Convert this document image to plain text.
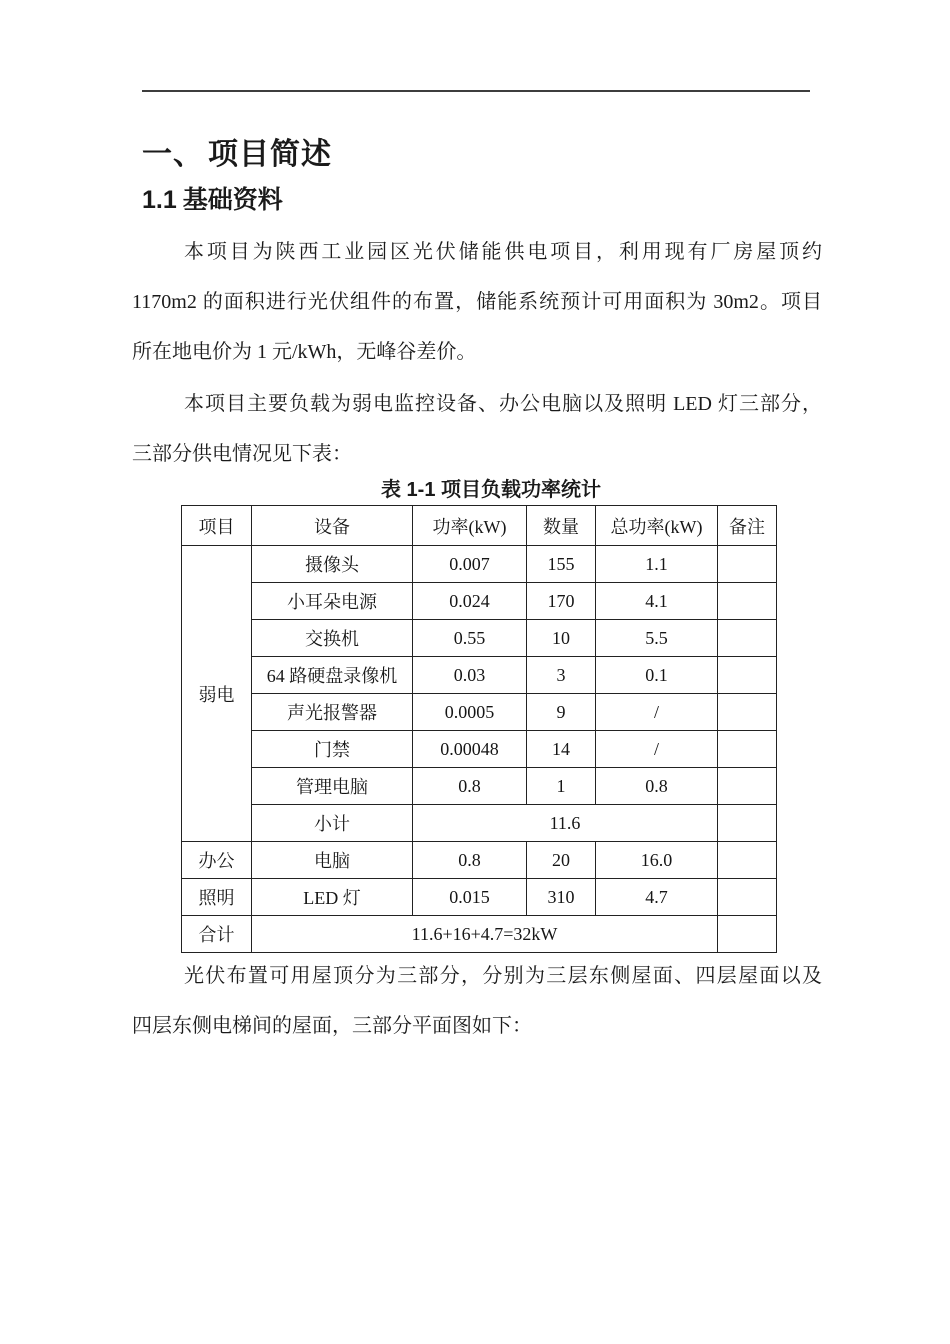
一、 项目简述
1.1 基础资料
本项目为陕西工业园区光伏储能供电项目，利用现有厂房屋顶约
1170m2 的面积进行光伏组件的布置，储能系统预计可用面积为 30m2。项目
所在地电价为 1 元/kWh，无峰谷差价。
本项目主要负载为弱电监控设备、办公电脑以及照明 LED 灯三部分，
三部分供电情况见下表：
表 1-1 项目负载功率统计
项目	设备	功率(kW)	数量	总功率(kW)	备注
弱电	摄像头	0.007	155	1.1	
	小耳朵电源	0.024	170	4.1	
	交换机	0.55	10	5.5	
	64 路硬盘录像机	0.03	3	0.1	
	声光报警器	0.0005	9	/	
	门禁	0.00048	14	/	
	管理电脑	0.8	1	0.8	
	小计	11.6			
办公	电脑	0.8	20	16.0	
照明	LED 灯	0.015	310	4.7	
合计	11.6+16+4.7=32kW				
光伏布置可用屋顶分为三部分，分别为三层东侧屋面、四层屋面以及
四层东侧电梯间的屋面，三部分平面图如下：
